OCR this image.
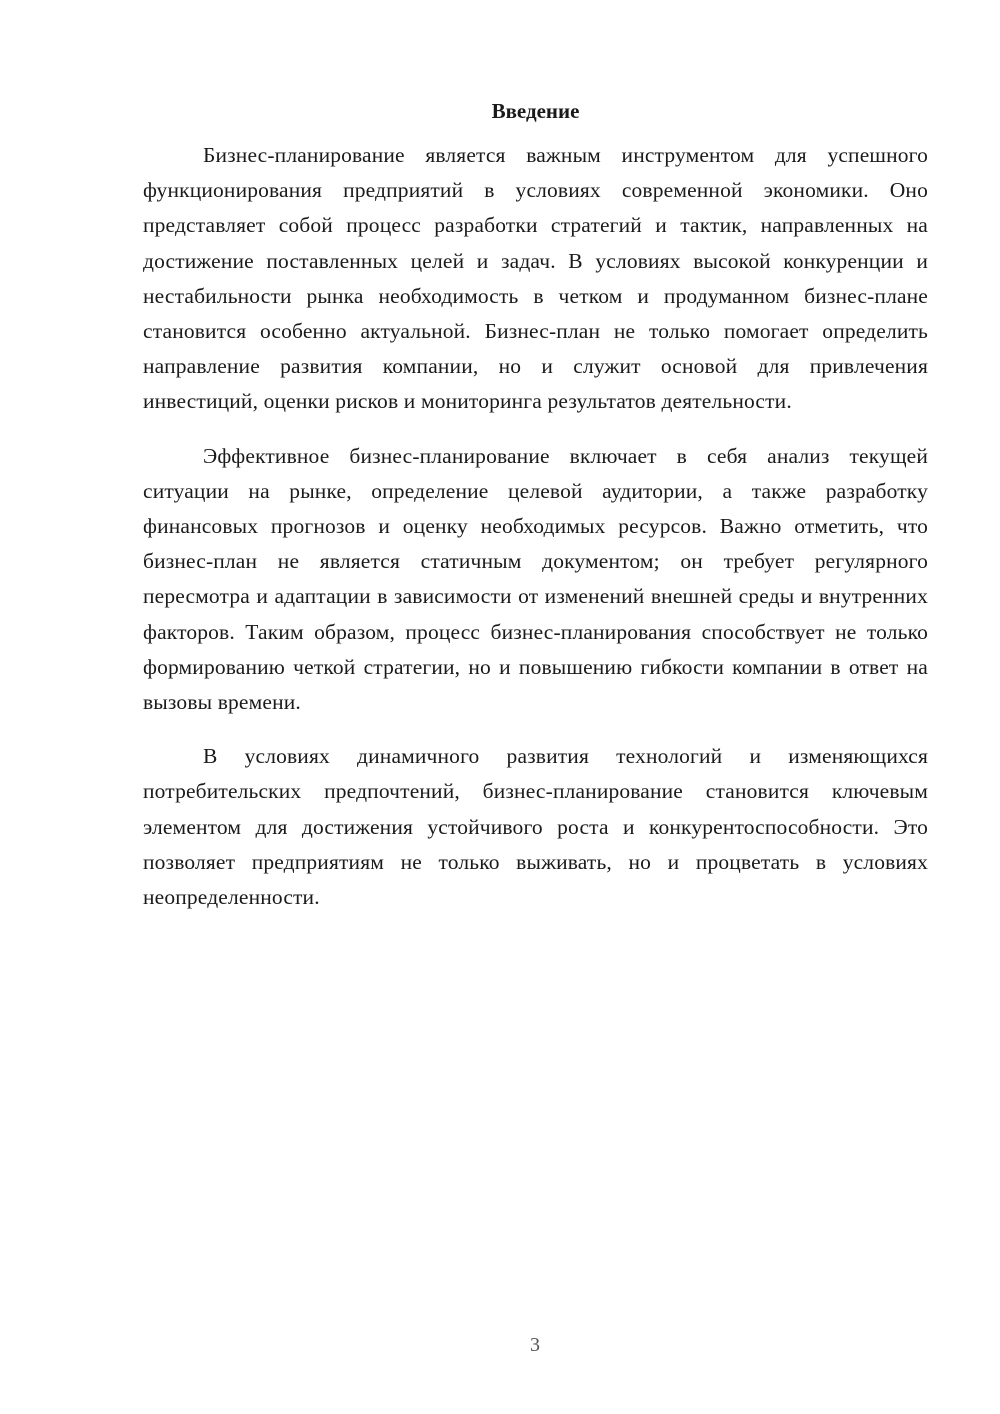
Введение

Бизнес-планирование является важным инструментом для успешного функционирования предприятий в условиях современной экономики. Оно представляет собой процесс разработки стратегий и тактик, направленных на достижение поставленных целей и задач. В условиях высокой конкуренции и нестабильности рынка необходимость в четком и продуманном бизнес-плане становится особенно актуальной. Бизнес-план не только помогает определить направление развития компании, но и служит основой для привлечения инвестиций, оценки рисков и мониторинга результатов деятельности.

Эффективное бизнес-планирование включает в себя анализ текущей ситуации на рынке, определение целевой аудитории, а также разработку финансовых прогнозов и оценку необходимых ресурсов. Важно отметить, что бизнес-план не является статичным документом; он требует регулярного пересмотра и адаптации в зависимости от изменений внешней среды и внутренних факторов. Таким образом, процесс бизнес-планирования способствует не только формированию четкой стратегии, но и повышению гибкости компании в ответ на вызовы времени.

В условиях динамичного развития технологий и изменяющихся потребительских предпочтений, бизнес-планирование становится ключевым элементом для достижения устойчивого роста и конкурентоспособности. Это позволяет предприятиям не только выживать, но и процветать в условиях неопределенности.

3
